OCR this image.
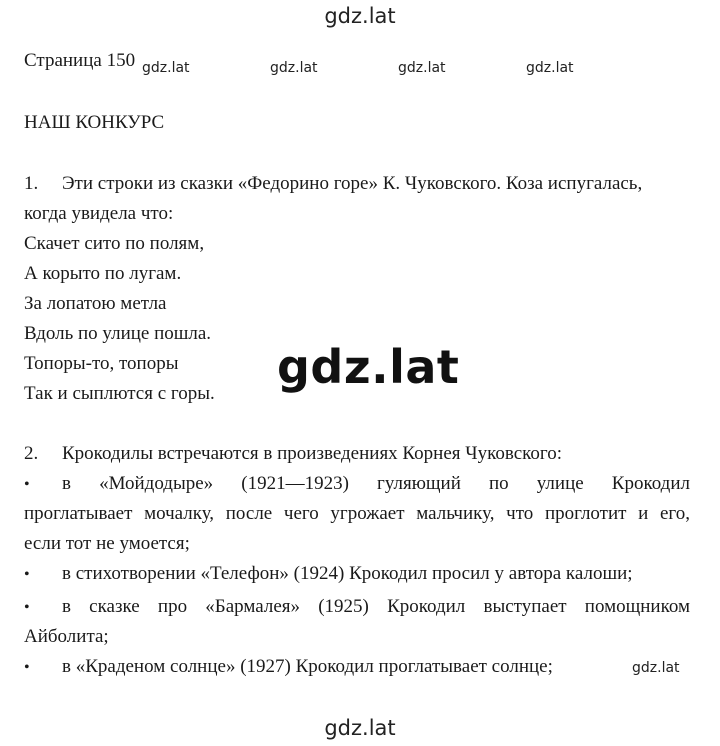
gdz.lat
gdz.lat	gdz.lat	gdz.lat	gdz.lat
gdz.lat
gdz.lat
gdz.lat
Страница 150
НАШ КОНКУРС
1. Эти строки из сказки «Федорино горе» К. Чуковского. Коза испугалась,
когда увидела что:
Скачет сито по полям,
А корыто по лугам.
За лопатою метла
Вдоль по улице пошла.
Топоры-то, топоры
Так и сыплются с горы.
2. Крокодилы встречаются в произведениях Корнея Чуковского:
• в «Мойдодыре» (1921—1923) гуляющий по улице Крокодил
проглатывает мочалку, после чего угрожает мальчику, что проглотит и его,
если тот не умоется;
• в стихотворении «Телефон» (1924) Крокодил просил у автора калоши;
• в сказке про «Бармалея» (1925) Крокодил выступает помощником
Айболита;
• в «Краденом солнце» (1927) Крокодил проглатывает солнце;
